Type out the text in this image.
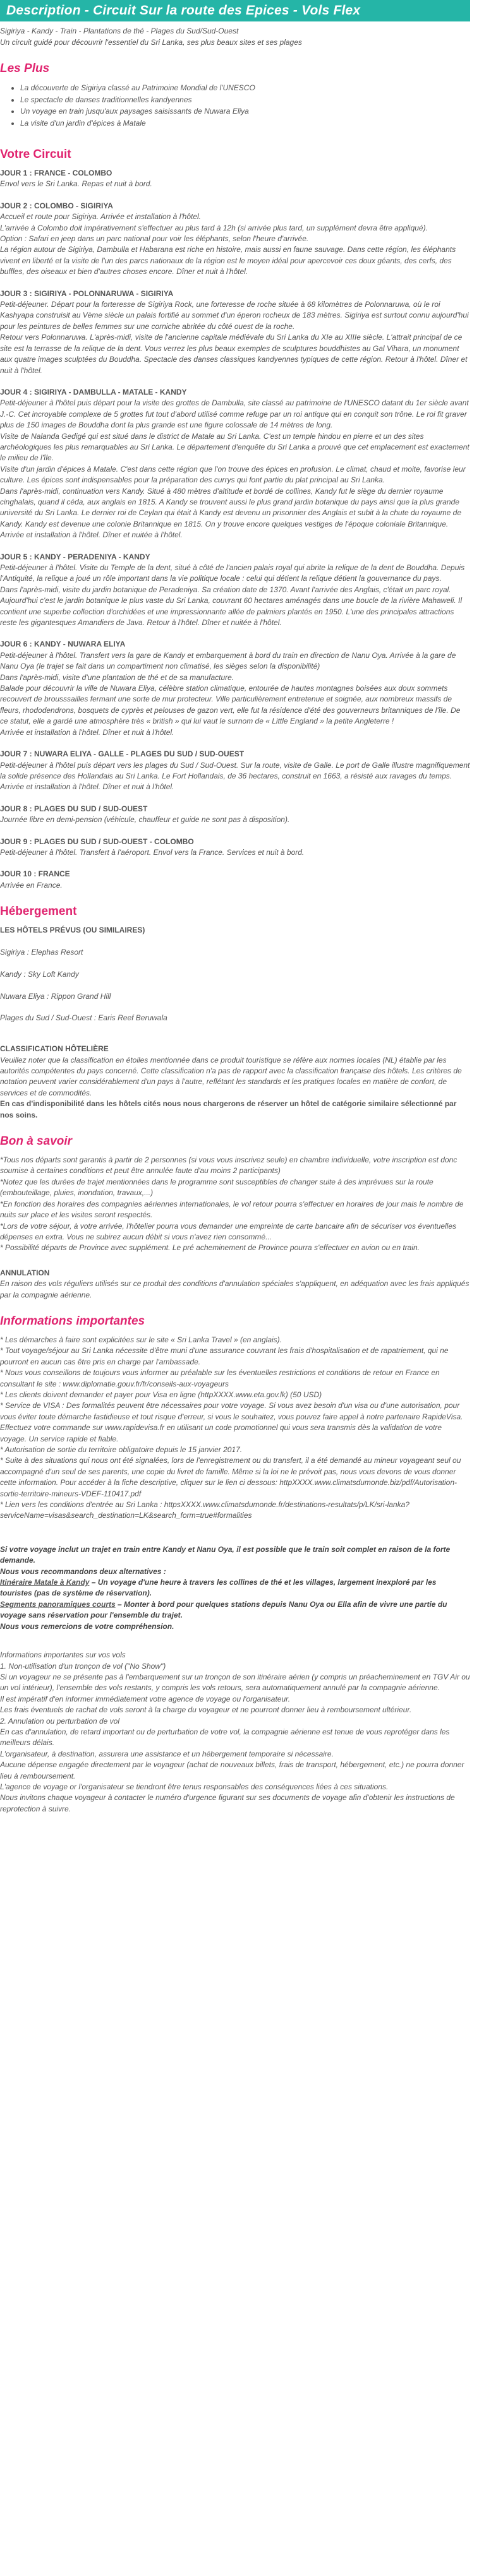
Description - Circuit Sur la route des Epices - Vols Flex
Sigiriya - Kandy - Train - Plantations de thé - Plages du Sud/Sud-Ouest
Un circuit guidé pour découvrir l'essentiel du Sri Lanka, ses plus beaux sites et ses plages
Les Plus
• La découverte de Sigiriya classé au Patrimoine Mondial de l'UNESCO
• Le spectacle de danses traditionnelles kandyennes
• Un voyage en train jusqu'aux paysages saisissants de Nuwara Eliya
• La visite d'un jardin d'épices à Matale
Votre Circuit
JOUR 1 : FRANCE - COLOMBO
Envol vers le Sri Lanka. Repas et nuit à bord.
JOUR 2 : COLOMBO - SIGIRIYA
Accueil et route pour Sigiriya. Arrivée et installation à l'hôtel.
L'arrivée à Colombo doit impérativement s'effectuer au plus tard à 12h (si arrivée plus tard, un supplément devra être appliqué).
Option : Safari en jeep dans un parc national pour voir les éléphants, selon l'heure d'arrivée.
La région autour de Sigiriya, Dambulla et Habarana est riche en histoire, mais aussi en faune sauvage. Dans cette région, les éléphants vivent en liberté et la visite de l'un des parcs nationaux de la région est le moyen idéal pour apercevoir ces doux géants, des cerfs, des buffles, des oiseaux et bien d'autres choses encore. Dîner et nuit à l'hôtel.
JOUR 3 : SIGIRIYA - POLONNARUWA - SIGIRIYA
Petit-déjeuner. Départ pour la forteresse de Sigiriya Rock, une forteresse de roche située à 68 kilomètres de Polonnaruwa, où le roi Kashyapa construisit au Vème siècle un palais fortifié au sommet d'un éperon rocheux de 183 mètres. Sigiriya est surtout connu aujourd'hui pour les peintures de belles femmes sur une corniche abritée du côté ouest de la roche.
Retour vers Polonnaruwa. L'après-midi, visite de l'ancienne capitale médiévale du Sri Lanka du XIe au XIIIe siècle. L'attrait principal de ce site est la terrasse de la relique de la dent. Vous verrez les plus beaux exemples de sculptures bouddhistes au Gal Vihara, un monument aux quatre images sculptées du Bouddha. Spectacle des danses classiques kandyennes typiques de cette région. Retour à l'hôtel. Dîner et nuit à l'hôtel.
JOUR 4 : SIGIRIYA - DAMBULLA - MATALE - KANDY
Petit-déjeuner à l'hôtel puis départ pour la visite des grottes de Dambulla, site classé au patrimoine de l'UNESCO datant du 1er siècle avant J.-C. Cet incroyable complexe de 5 grottes fut tout d'abord utilisé comme refuge par un roi antique qui en conquit son trône. Le roi fit graver plus de 150 images de Bouddha dont la plus grande est une figure colossale de 14 mètres de long.
Visite de Nalanda Gedigé qui est situé dans le district de Matale au Sri Lanka. C'est un temple hindou en pierre et un des sites archéologiques les plus remarquables au Sri Lanka. Le département d'enquête du Sri Lanka a prouvé que cet emplacement est exactement le milieu de l'île.
Visite d'un jardin d'épices à Matale. C'est dans cette région que l'on trouve des épices en profusion. Le climat, chaud et moite, favorise leur culture. Les épices sont indispensables pour la préparation des currys qui font partie du plat principal au Sri Lanka.
Dans l'après-midi, continuation vers Kandy. Situé à 480 mètres d'altitude et bordé de collines, Kandy fut le siège du dernier royaume cinghalais, quand il céda, aux anglais en 1815. A Kandy se trouvent aussi le plus grand jardin botanique du pays ainsi que la plus grande université du Sri Lanka. Le dernier roi de Ceylan qui était à Kandy est devenu un prisonnier des Anglais et subit à la chute du royaume de Kandy. Kandy est devenue une colonie Britannique en 1815. On y trouve encore quelques vestiges de l'époque coloniale Britannique.
Arrivée et installation à l'hôtel. Dîner et nuitée à l'hôtel.
JOUR 5 : KANDY - PERADENIYA - KANDY
Petit-déjeuner à l'hôtel. Visite du Temple de la dent, situé à côté de l'ancien palais royal qui abrite la relique de la dent de Bouddha. Depuis l'Antiquité, la relique a joué un rôle important dans la vie politique locale : celui qui détient la relique détient la gouvernance du pays.
Dans l'après-midi, visite du jardin botanique de Peradeniya. Sa création date de 1370. Avant l'arrivée des Anglais, c'était un parc royal. Aujourd'hui c'est le jardin botanique le plus vaste du Sri Lanka, couvrant 60 hectares aménagés dans une boucle de la rivière Mahaweli. Il contient une superbe collection d'orchidées et une impressionnante allée de palmiers plantés en 1950. L'une des principales attractions reste les gigantesques Amandiers de Java. Retour à l'hôtel. Dîner et nuitée à l'hôtel.
JOUR 6 : KANDY - NUWARA ELIYA
Petit-déjeuner à l'hôtel. Transfert vers la gare de Kandy et embarquement à bord du train en direction de Nanu Oya. Arrivée à la gare de Nanu Oya (le trajet se fait dans un compartiment non climatisé, les sièges selon la disponibilité)
Dans l'après-midi, visite d'une plantation de thé et de sa manufacture.
Balade pour découvrir la ville de Nuwara Eliya, célèbre station climatique, entourée de hautes montagnes boisées aux doux sommets recouvert de brousssailles fermant une sorte de mur protecteur. Ville particulièrement entretenue et soignée, aux nombreux massifs de fleurs, rhododendrons, bosquets de cyprès et pelouses de gazon vert, elle fut la résidence d'été des gouverneurs britanniques de l'île. De ce statut, elle a gardé une atmosphère très « british » qui lui vaut le surnom de « Little England » la petite Angleterre !
Arrivée et installation à l'hôtel. Dîner et nuit à l'hôtel.
JOUR 7 : NUWARA ELIYA - GALLE - PLAGES DU SUD / SUD-OUEST
Petit-déjeuner à l'hôtel puis départ vers les plages du Sud / Sud-Ouest. Sur la route, visite de Galle. Le port de Galle illustre magnifiquement la solide présence des Hollandais au Sri Lanka. Le Fort Hollandais, de 36 hectares, construit en 1663, a résisté aux ravages du temps. Arrivée et installation à l'hôtel. Dîner et nuit à l'hôtel.
JOUR 8 : PLAGES DU SUD / SUD-OUEST
Journée libre en demi-pension (véhicule, chauffeur et guide ne sont pas à disposition).
JOUR 9 : PLAGES DU SUD / SUD-OUEST - COLOMBO
Petit-déjeuner à l'hôtel. Transfert à l'aéroport. Envol vers la France. Services et nuit à bord.
JOUR 10 : FRANCE
Arrivée en France.
Hébergement
LES HÔTELS PRÉVUS (OU SIMILAIRES)

Sigiriya : Elephas Resort

Kandy : Sky Loft Kandy

Nuwara Eliya : Rippon Grand Hill

Plages du Sud / Sud-Ouest : Earis Reef Beruwala

CLASSIFICATION HÔTELIÈRE
Veuillez noter que la classification en étoiles mentionnée dans ce produit touristique se réfère aux normes locales (NL) établie par les autorités compétentes du pays concerné. Cette classification n'a pas de rapport avec la classification française des hôtels. Les critères de notation peuvent varier considérablement d'un pays à l'autre, reflétant les standards et les pratiques locales en matière de confort, de services et de commodités.
En cas d'indisponibilité dans les hôtels cités nous nous chargerons de réserver un hôtel de catégorie similaire sélectionné par nos soins.
Bon à savoir
*Tous nos départs sont garantis à partir de 2 personnes (si vous vous inscrivez seule) en chambre individuelle, votre inscription est donc soumise à certaines conditions et peut être annulée faute d'au moins 2 participants)
*Notez que les durées de trajet mentionnées dans le programme sont susceptibles de changer suite à des imprévues sur la route (embouteillage, pluies, inondation, travaux,...)
*En fonction des horaires des compagnies aériennes internationales, le vol retour pourra s'effectuer en horaires de jour mais le nombre de nuits sur place et les visites seront respectés.
*Lors de votre séjour, à votre arrivée, l'hôtelier pourra vous demander une empreinte de carte bancaire afin de sécuriser vos éventuelles dépenses en extra. Vous ne subirez aucun débit si vous n'avez rien consommé...
* Possibilité départs de Province avec supplément. Le pré acheminement de Province pourra s'effectuer en avion ou en train.
ANNULATION
En raison des vols réguliers utilisés sur ce produit des conditions d'annulation spéciales s'appliquent, en adéquation avec les frais appliqués par la compagnie aérienne.
Informations importantes
* Les démarches à faire sont explicitées sur le site « Sri Lanka Travel » (en anglais).
* Tout voyage/séjour au Sri Lanka nécessite d'être muni d'une assurance couvrant les frais d'hospitalisation et de rapatriement, qui ne pourront en aucun cas être pris en charge par l'ambassade.
* Nous vous conseillons de toujours vous informer au préalable sur les éventuelles restrictions et conditions de retour en France en consultant le site : www.diplomatie.gouv.fr/fr/conseils-aux-voyageurs
* Les clients doivent demander et payer pour Visa en ligne (httpXXXX.www.eta.gov.lk) (50 USD)
* Service de VISA : Des formalités peuvent être nécessaires pour votre voyage. Si vous avez besoin d'un visa ou d'une autorisation, pour vous éviter toute démarche fastidieuse et tout risque d'erreur, si vous le souhaitez, vous pouvez faire appel à notre partenaire RapideVisa. Effectuez votre commande sur www.rapidevisa.fr en utilisant un code promotionnel qui vous sera transmis dès la validation de votre voyage. Un service rapide et fiable.
* Autorisation de sortie du territoire obligatoire depuis le 15 janvier 2017.
* Suite à des situations qui nous ont été signalées, lors de l'enregistrement ou du transfert, il a été demandé au mineur voyageant seul ou accompagné d'un seul de ses parents, une copie du livret de famille. Même si la loi ne le prévoit pas, nous vous devons de vous donner cette information. Pour accéder à la fiche descriptive, cliquer sur le lien ci dessous: httpXXXX.www.climatsdumonde.biz/pdf/Autorisation-sortie-territoire-mineurs-VDEF-110417.pdf
* Lien vers les conditions d'entrée au Sri Lanka : httpsXXXX.www.climatsdumonde.fr/destinations-resultats/p/LK/sri-lanka?serviceName=visas&search_destination=LK&search_form=true#formalities
Si votre voyage inclut un trajet en train entre Kandy et Nanu Oya, il est possible que le train soit complet en raison de la forte demande.
Nous vous recommandons deux alternatives :
Itinéraire Matale à Kandy – Un voyage d'une heure à travers les collines de thé et les villages, largement inexploré par les touristes (pas de système de réservation).
Segments panoramiques courts – Monter à bord pour quelques stations depuis Nanu Oya ou Ella afin de vivre une partie du voyage sans réservation pour l'ensemble du trajet.
Nous vous remercions de votre compréhension.
Informations importantes sur vos vols
1. Non-utilisation d'un tronçon de vol ("No Show")
Si un voyageur ne se présente pas à l'embarquement sur un tronçon de son itinéraire aérien (y compris un préacheminement en TGV Air ou un vol intérieur), l'ensemble des vols restants, y compris les vols retours, sera automatiquement annulé par la compagnie aérienne.
Il est impératif d'en informer immédiatement votre agence de voyage ou l'organisateur.
Les frais éventuels de rachat de vols seront à la charge du voyageur et ne pourront donner lieu à remboursement ultérieur.
2. Annulation ou perturbation de vol
En cas d'annulation, de retard important ou de perturbation de votre vol, la compagnie aérienne est tenue de vous reprotéger dans les meilleurs délais.
L'organisateur, à destination, assurera une assistance et un hébergement temporaire si nécessaire.
Aucune dépense engagée directement par le voyageur (achat de nouveaux billets, frais de transport, hébergement, etc.) ne pourra donner lieu à remboursement.
L'agence de voyage or l'organisateur se tiendront être tenus responsables des conséquences liées à ces situations.
Nous invitons chaque voyageur à contacter le numéro d'urgence figurant sur ses documents de voyage afin d'obtenir les instructions de reprotection à suivre.
